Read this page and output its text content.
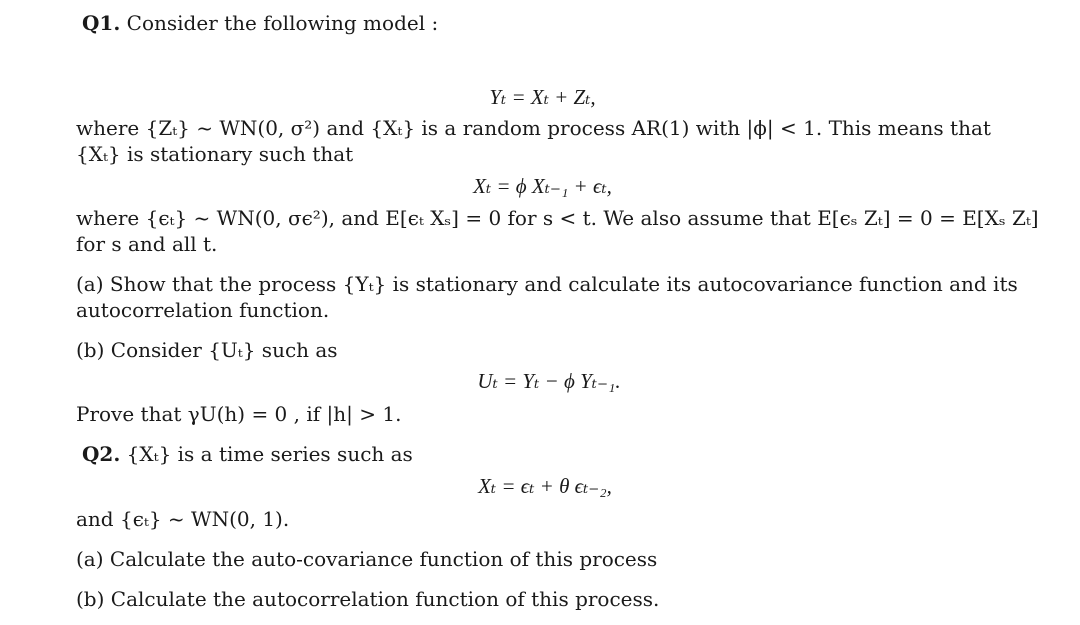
Q1. Consider the following model :
Yₜ = Xₜ + Zₜ,
where {Zₜ} ~ WN(0, σ²) and {Xₜ} is a random process AR(1) with |ϕ| < 1. This means that
{Xₜ} is stationary such that
Xₜ = ϕ Xₜ₋₁ + ϵₜ,
where {ϵₜ} ~ WN(0, σϵ²), and E[ϵₜ Xₛ] = 0 for s < t. We also assume that E[ϵₛ Zₜ] = 0 = E[Xₛ Zₜ]
for s and all t.
(a) Show that the process {Yₜ} is stationary and calculate its autocovariance function and its
autocorrelation function.
(b) Consider {Uₜ} such as
Uₜ = Yₜ − ϕ Yₜ₋₁.
Prove that γU(h) = 0 , if |h| > 1.
Q2. {Xₜ} is a time series such as
Xₜ = ϵₜ + θ ϵₜ₋₂,
and {ϵₜ} ~ WN(0, 1).
(a) Calculate the auto-covariance function of this process
(b) Calculate the autocorrelation function of this process.
